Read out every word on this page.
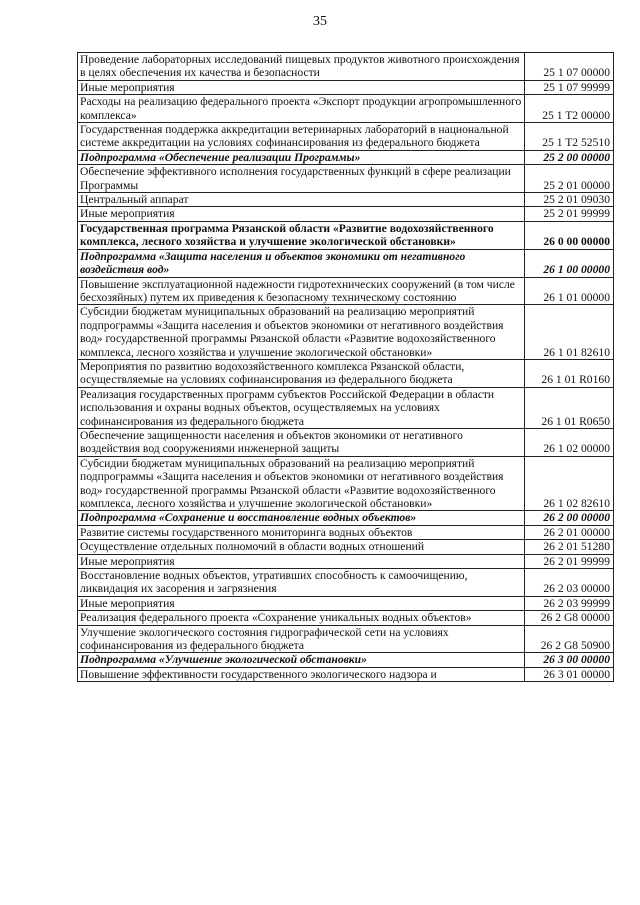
35
Проведение лабораторных исследований пищевых продуктов животного происхождения в целях обеспечения их качества и безопасности	25 1 07 00000
Иные мероприятия	25 1 07 99999
Расходы на реализацию федерального проекта «Экспорт продукции агропромышленного комплекса»	25 1 T2 00000
Государственная поддержка аккредитации ветеринарных лабораторий в национальной системе аккредитации на условиях софинансирования из федерального бюджета	25 1 T2 52510
Подпрограмма «Обеспечение реализации Программы»	25 2 00 00000
Обеспечение эффективного исполнения государственных функций в сфере реализации Программы	25 2 01 00000
Центральный аппарат	25 2 01 09030
Иные мероприятия	25 2 01 99999
Государственная программа Рязанской области «Развитие водохозяйственного комплекса, лесного хозяйства и улучшение экологической обстановки»	26 0 00 00000
Подпрограмма «Защита населения и объектов экономики от негативного воздействия вод»	26 1 00 00000
Повышение эксплуатационной надежности гидротехнических сооружений (в том числе бесхозяйных) путем их приведения к безопасному техническому состоянию	26 1 01 00000
Субсидии бюджетам муниципальных образований на реализацию мероприятий подпрограммы «Защита населения и объектов экономики от негативного воздействия вод» государственной программы Рязанской области «Развитие водохозяйственного комплекса, лесного хозяйства и улучшение экологической обстановки»	26 1 01 82610
Мероприятия по развитию водохозяйственного комплекса Рязанской области, осуществляемые на условиях софинансирования из федерального бюджета	26 1 01 R0160
Реализация государственных программ субъектов Российской Федерации в области использования и охраны водных объектов, осуществляемых на условиях софинансирования из федерального бюджета	26 1 01 R0650
Обеспечение защищенности населения и объектов экономики от негативного воздействия вод сооружениями инженерной защиты	26 1 02 00000
Субсидии бюджетам муниципальных образований на реализацию мероприятий подпрограммы «Защита населения и объектов экономики от негативного воздействия вод» государственной программы Рязанской области «Развитие водохозяйственного комплекса, лесного хозяйства и улучшение экологической обстановки»	26 1 02 82610
Подпрограмма «Сохранение и восстановление водных объектов»	26 2 00 00000
Развитие системы государственного мониторинга водных объектов	26 2 01 00000
Осуществление отдельных полномочий в области водных отношений	26 2 01 51280
Иные мероприятия	26 2 01 99999
Восстановление водных объектов, утративших способность к самоочищению, ликвидация их засорения и загрязнения	26 2 03 00000
Иные мероприятия	26 2 03 99999
Реализация федерального проекта «Сохранение уникальных водных объектов»	26 2 G8 00000
Улучшение экологического состояния гидрографической сети на условиях софинансирования из федерального бюджета	26 2 G8 50900
Подпрограмма «Улучшение экологической обстановки»	26 3 00 00000
Повышение эффективности государственного экологического надзора и	26 3 01 00000
